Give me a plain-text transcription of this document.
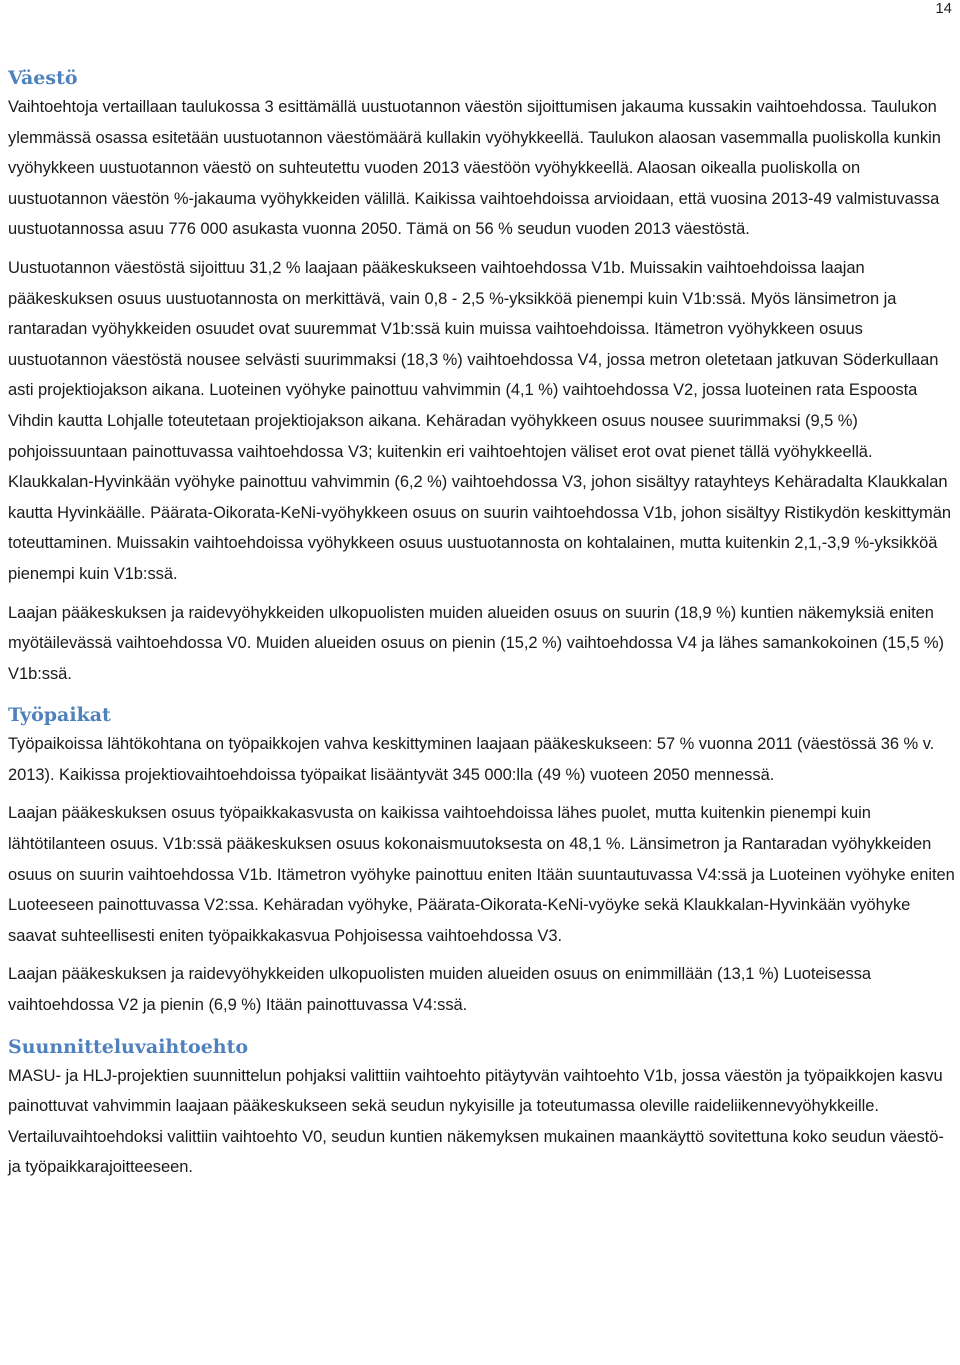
14
Väestö

Vaihtoehtoja vertaillaan taulukossa 3 esittämällä uustuotannon väestön sijoittumisen jakauma kussakin vaihtoehdossa. Taulukon ylemmässä osassa esitetään uustuotannon väestömäärä kullakin vyöhykkeellä. Taulukon alaosan vasemmalla puoliskolla kunkin vyöhykkeen uustuotannon väestö on suhteutettu vuoden 2013 väestöön vyöhykkeellä. Alaosan oikealla puoliskolla on uustuotannon väestön %-jakauma vyöhykkeiden välillä. Kaikissa vaihtoehdoissa arvioidaan, että vuosina 2013-49 valmistuvassa uustuotannossa asuu 776 000 asukasta vuonna 2050. Tämä on 56 % seudun vuoden 2013 väestöstä.

Uustuotannon väestöstä sijoittuu 31,2 % laajaan pääkeskukseen vaihtoehdossa V1b. Muissakin vaihtoehdoissa laajan pääkeskuksen osuus uustuotannosta on merkittävä, vain 0,8 - 2,5 %-yksikköä pienempi kuin V1b:ssä. Myös länsimetron ja rantaradan vyöhykkeiden osuudet ovat suuremmat V1b:ssä kuin muissa vaihtoehdoissa. Itämetron vyöhykkeen osuus uustuotannon väestöstä nousee selvästi suurimmaksi (18,3 %) vaihtoehdossa V4, jossa metron oletetaan jatkuvan Söderkullaan asti projektiojakson aikana. Luoteinen vyöhyke painottuu vahvimmin (4,1 %) vaihtoehdossa V2, jossa luoteinen rata Espoosta Vihdin kautta Lohjalle toteutetaan projektiojakson aikana. Kehäradan vyöhykkeen osuus nousee suurimmaksi (9,5 %) pohjoissuuntaan painottuvassa vaihtoehdossa V3; kuitenkin eri vaihtoehtojen väliset erot ovat pienet tällä vyöhykkeellä. Klaukkalan-Hyvinkään vyöhyke painottuu vahvimmin (6,2 %) vaihtoehdossa V3, johon sisältyy ratayhteys Kehäradalta Klaukkalan kautta Hyvinkäälle. Päärata-Oikorata-KeNi-vyöhykkeen osuus on suurin vaihtoehdossa V1b, johon sisältyy Ristikydön keskittymän toteuttaminen. Muissakin vaihtoehdoissa vyöhykkeen osuus uustuotannosta on kohtalainen, mutta kuitenkin 2,1,-3,9 %-yksikköä pienempi kuin V1b:ssä.

Laajan pääkeskuksen ja raidevyöhykkeiden ulkopuolisten muiden alueiden osuus on suurin (18,9 %) kuntien näkemyksiä eniten myötäilevässä vaihtoehdossa V0. Muiden alueiden osuus on pienin (15,2 %) vaihtoehdossa V4 ja lähes samankokoinen (15,5 %) V1b:ssä.

Työpaikat

Työpaikoissa lähtökohtana on työpaikkojen vahva keskittyminen laajaan pääkeskukseen: 57 % vuonna 2011 (väestössä 36 % v. 2013). Kaikissa projektiovaihtoehdoissa työpaikat lisääntyvät 345 000:lla (49 %) vuoteen 2050 mennessä.

Laajan pääkeskuksen osuus työpaikkakasvusta on kaikissa vaihtoehdoissa lähes puolet, mutta kuitenkin pienempi kuin lähtötilanteen osuus. V1b:ssä pääkeskuksen osuus kokonaismuutoksesta on 48,1 %. Länsimetron ja Rantaradan vyöhykkeiden osuus on suurin vaihtoehdossa V1b. Itämetron vyöhyke painottuu eniten Itään suuntautuvassa V4:ssä ja Luoteinen vyöhyke eniten Luoteeseen painottuvassa V2:ssa. Kehäradan vyöhyke, Päärata-Oikorata-KeNi-vyöyke sekä Klaukkalan-Hyvinkään vyöhyke saavat suhteellisesti eniten työpaikkakasvua Pohjoisessa vaihtoehdossa V3.

Laajan pääkeskuksen ja raidevyöhykkeiden ulkopuolisten muiden alueiden osuus on enimmillään (13,1 %) Luoteisessa vaihtoehdossa V2 ja pienin (6,9 %) Itään painottuvassa V4:ssä.

Suunnitteluvaihtoehto

MASU- ja HLJ-projektien suunnittelun pohjaksi valittiin vaihtoehto pitäytyvän vaihtoehto V1b, jossa väestön ja työpaikkojen kasvu painottuvat vahvimmin laajaan pääkeskukseen sekä seudun nykyisille ja toteutumassa oleville raideliikennevyöhykkeille. Vertailuvaihtoehdoksi valittiin vaihtoehto V0, seudun kuntien näkemyksen mukainen maankäyttö sovitettuna koko seudun väestö- ja työpaikkarajoitteeseen.
